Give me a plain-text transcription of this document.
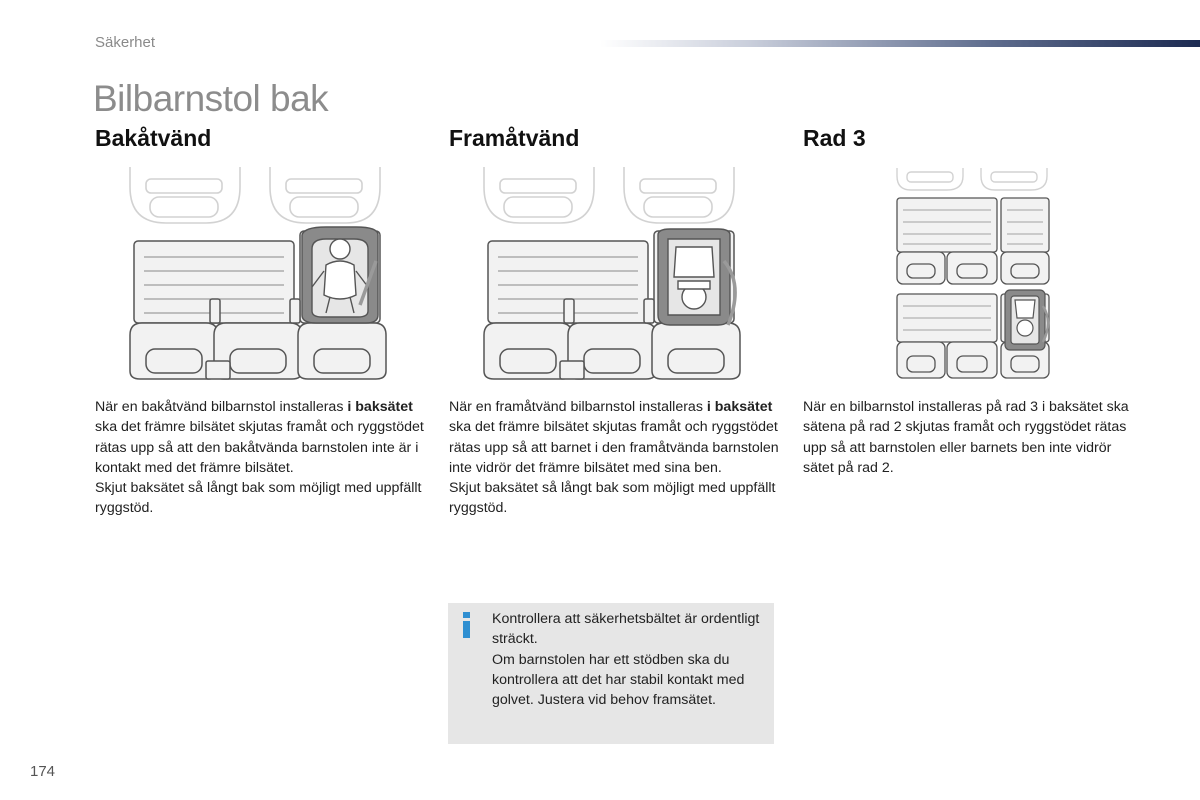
Säkerhet
Bilbarnstol bak
Bakåtvänd	Framåtvänd	Rad 3

När en bakåtvänd bilbarnstol installeras i baksätet ska det främre bilsätet skjutas framåt och ryggstödet rätas upp så att den bakåtvända barnstolen inte är i kontakt med det främre bilsätet.

Skjut baksätet så långt bak som möjligt med uppfällt ryggstöd.

När en framåtvänd bilbarnstol installeras i baksätet ska det främre bilsätet skjutas framåt och ryggstödet rätas upp så att barnet i den framåtvända barnstolen inte vidrör det främre bilsätet med sina ben.

Skjut baksätet så långt bak som möjligt med uppfällt ryggstöd.

När en bilbarnstol installeras på rad 3 i baksätet ska sätena på rad 2 skjutas framåt och ryggstödet rätas upp så att barnstolen eller barnets ben inte vidrör sätet på rad 2.

Kontrollera att säkerhetsbältet är ordentligt sträckt.

Om barnstolen har ett stödben ska du kontrollera att det har stabil kontakt med golvet. Justera vid behov framsätet.

174
